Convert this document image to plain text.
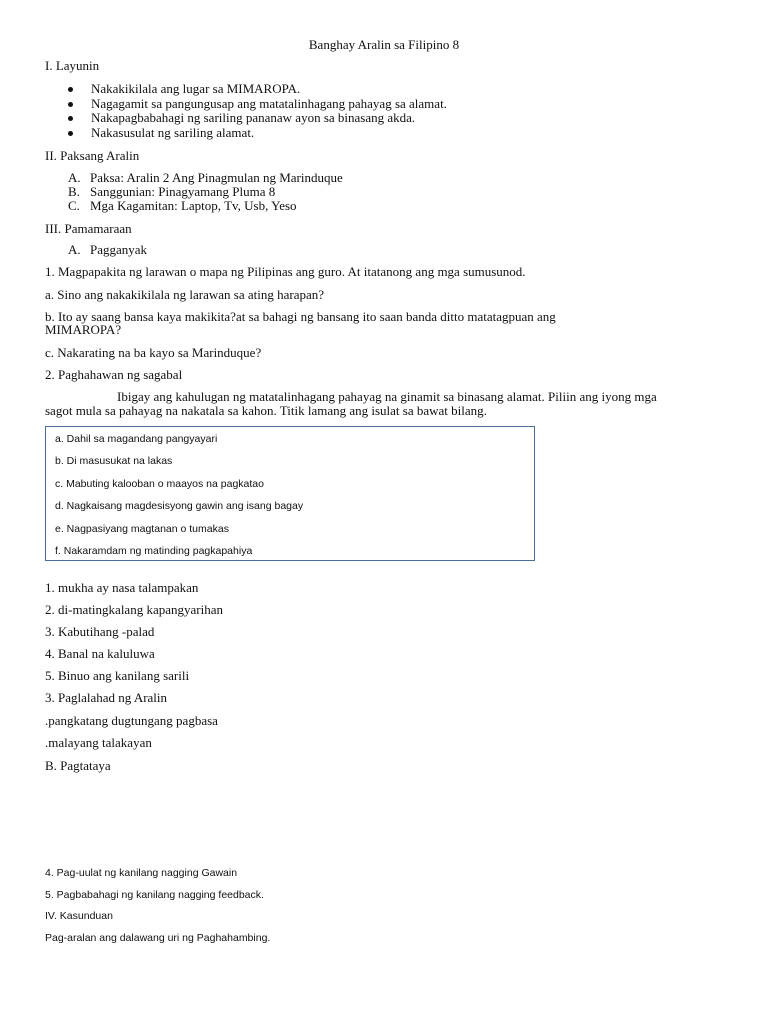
Banghay Aralin sa Filipino 8
I. Layunin
Nakakikilala ang lugar sa MIMAROPA.
Nagagamit sa pangungusap ang matatalinhagang pahayag sa alamat.
Nakapagbabahagi ng sariling pananaw ayon sa binasang akda.
Nakasusulat ng sariling alamat.
II. Paksang Aralin
A. Paksa: Aralin 2 Ang Pinagmulan ng Marinduque
B. Sanggunian: Pinagyamang Pluma 8
C. Mga Kagamitan: Laptop, Tv, Usb, Yeso
III. Pamamaraan
A. Pagganyak
1. Magpapakita ng larawan o mapa ng Pilipinas ang guro. At itatanong ang mga sumusunod.
a. Sino ang nakakikilala ng larawan sa ating harapan?
b. Ito ay saang bansa kaya makikita?at sa bahagi ng bansang ito saan banda ditto matatagpuan ang
MIMAROPA?
c. Nakarating na ba kayo sa Marinduque?
2. Paghahawan ng sagabal
Ibigay ang kahulugan ng matatalinhagang pahayag na ginamit sa binasang alamat. Piliin ang iyong mga
sagot mula sa pahayag na nakatala sa kahon. Titik lamang ang isulat sa bawat bilang.
a. Dahil sa magandang pangyayari
b. Di masusukat na lakas
c. Mabuting kalooban o maayos na pagkatao
d. Nagkaisang magdesisyong gawin ang isang bagay
e. Nagpasiyang magtanan o tumakas
f. Nakaramdam ng matinding pagkapahiya
1. mukha ay nasa talampakan
2. di-matingkalang kapangyarihan
3. Kabutihang -palad
4. Banal na kaluluwa
5. Binuo ang kanilang sarili
3. Paglalahad ng Aralin
.pangkatang dugtungang pagbasa
.malayang talakayan
B. Pagtataya
4. Pag-uulat ng kanilang nagging Gawain
5. Pagbabahagi ng kanilang nagging feedback.
IV. Kasunduan
Pag-aralan ang dalawang uri ng Paghahambing.
